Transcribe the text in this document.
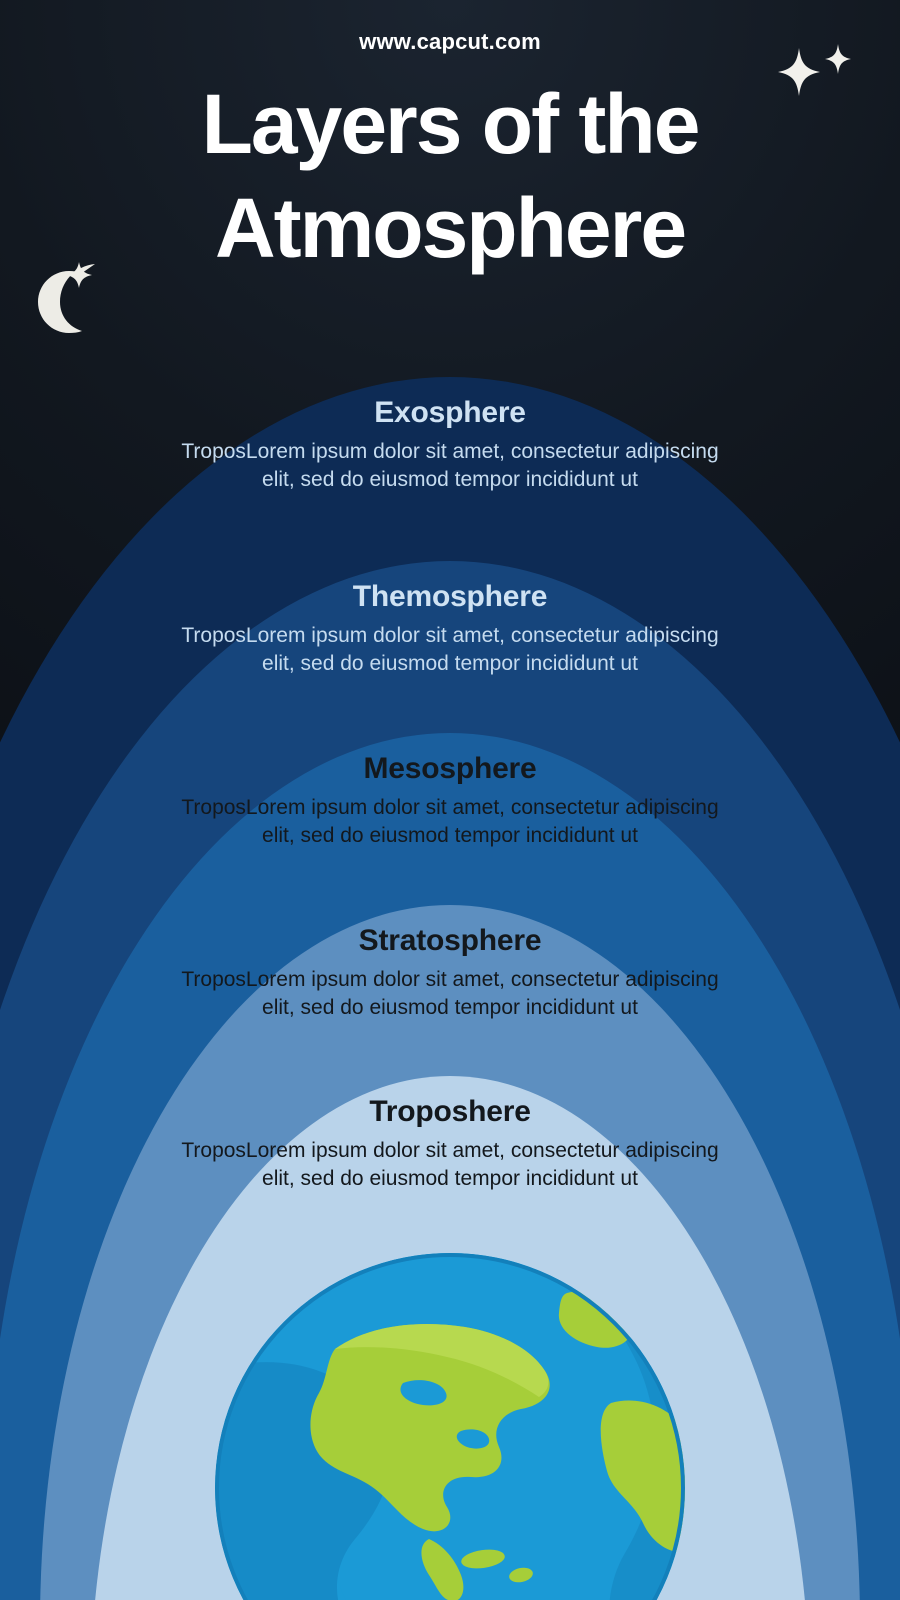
www.capcut.com
Layers of the
Atmosphere
Exosphere
TroposLorem ipsum dolor sit amet, consectetur adipiscing elit, sed do eiusmod tempor incididunt ut
Themosphere
TroposLorem ipsum dolor sit amet, consectetur adipiscing elit, sed do eiusmod tempor incididunt ut
Mesosphere
TroposLorem ipsum dolor sit amet, consectetur adipiscing elit, sed do eiusmod tempor incididunt ut
Stratosphere
TroposLorem ipsum dolor sit amet, consectetur adipiscing elit, sed do eiusmod tempor incididunt ut
Troposhere
TroposLorem ipsum dolor sit amet, consectetur adipiscing elit, sed do eiusmod tempor incididunt ut
